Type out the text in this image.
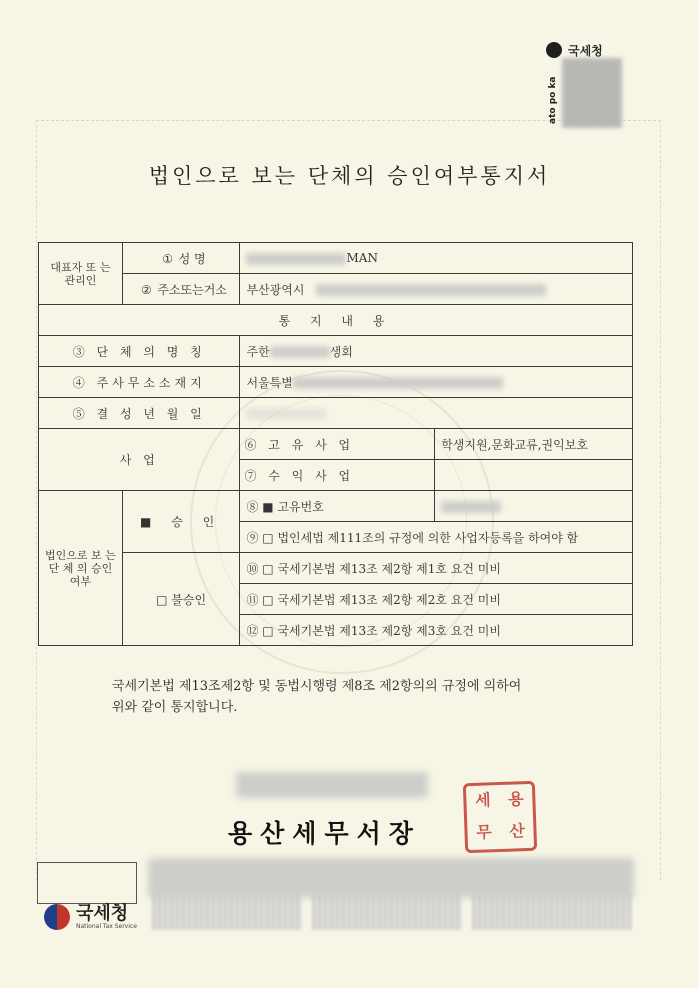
국세청
ato po ka
법인으로 보는 단체의 승인여부통지서
대표자 또 는 관리인	① 성 명	MAN	
	② 주소또는거소	부산광역시	
통 지 내 용			
③ 단 체 의 명 칭		주한 생회	
④ 주사무소소재지		서울특별	
⑤ 결 성 년 월 일			
사 업		⑥ 고 유 사 업	학생지원,문화교류,권익보호
		⑦ 수 익 사 업	
법인으로 보 는 단 체 의 승인여부	■ 승 인	⑧ ■ 고유번호	
		⑨ □ 법인세법 제111조의 규정에 의한 사업자등록을 하여야 함	
	□ 불승인	⑩ □ 국세기본법 제13조 제2항 제1호 요건 미비	
		⑪ □ 국세기본법 제13조 제2항 제2호 요건 미비	
		⑫ □ 국세기본법 제13조 제2항 제3호 요건 미비	
국세기본법 제13조제2항 및 동법시행령 제8조 제2항의의 규정에 의하여
위와 같이 통지합니다.
용산세무서장
세	용
무	산
국세청
National Tax Service
